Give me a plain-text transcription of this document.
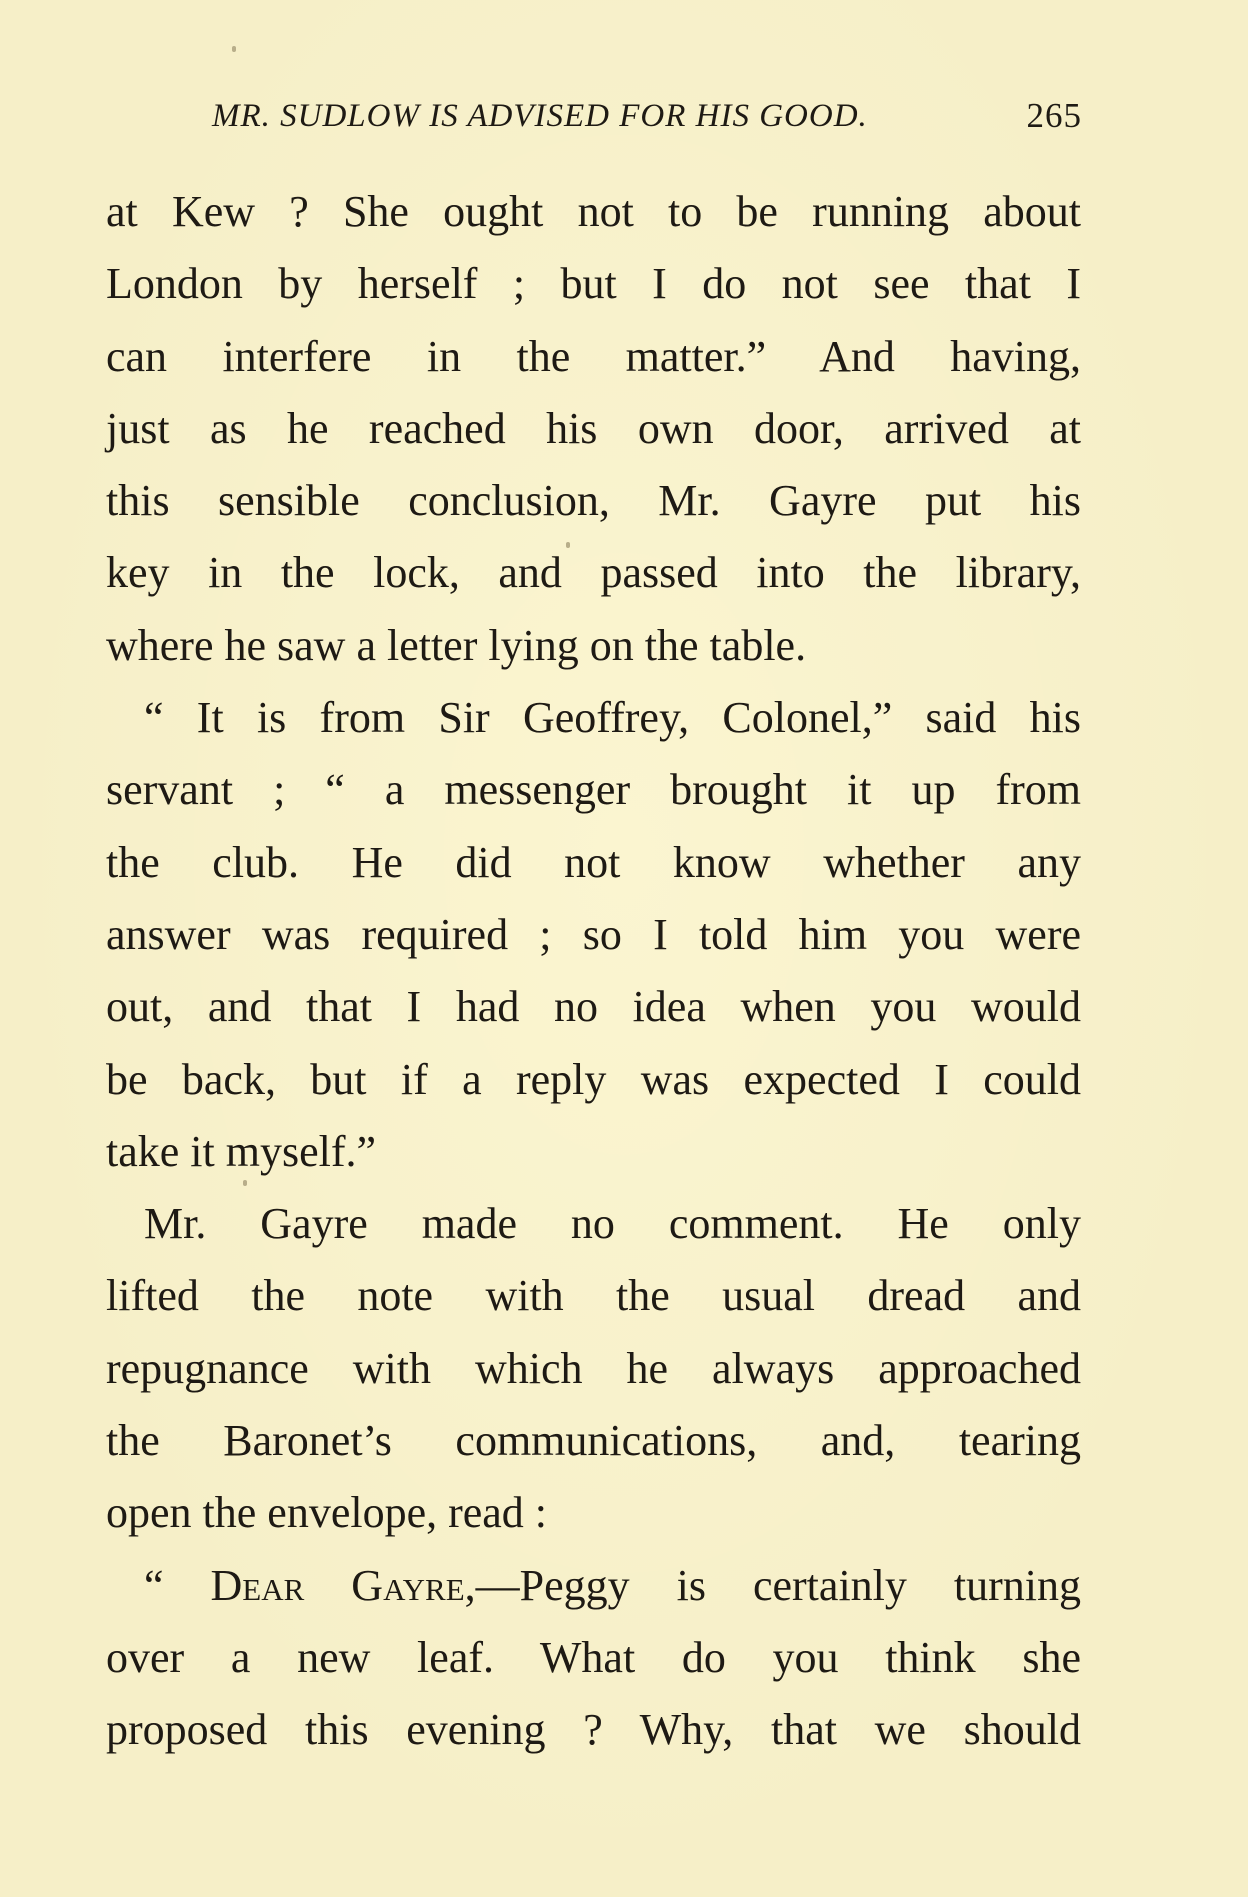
MR. SUDLOW IS ADVISED FOR HIS GOOD.	265
at Kew ? She ought not to be running about
London by herself ; but I do not see that I
can interfere in the matter.” And having,
just as he reached his own door, arrived at
this sensible conclusion, Mr. Gayre put his
key in the lock, and passed into the library,
where he saw a letter lying on the table.
“ It is from Sir Geoffrey, Colonel,” said his
servant ; “ a messenger brought it up from
the club. He did not know whether any
answer was required ; so I told him you were
out, and that I had no idea when you would
be back, but if a reply was expected I could
take it myself.”
Mr. Gayre made no comment. He only
lifted the note with the usual dread and
repugnance with which he always approached
the Baronet’s communications, and, tearing
open the envelope, read :
“ Dear Gayre,—Peggy is certainly turning
over a new leaf. What do you think she
proposed this evening ? Why, that we should
